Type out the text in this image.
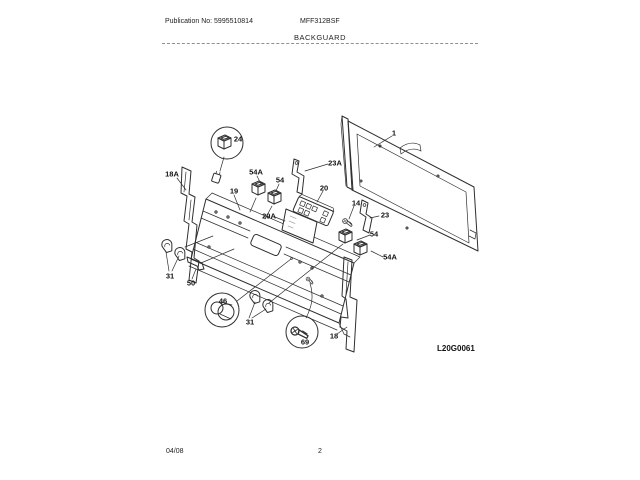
Publication No: 5995510814	MFF312BSF
BACKGUARD
1
18A
24
19
54A
54
23A
20
29A
14
23
54
54A
31
50
46
31
69
18
L20G0061
04/08	2
